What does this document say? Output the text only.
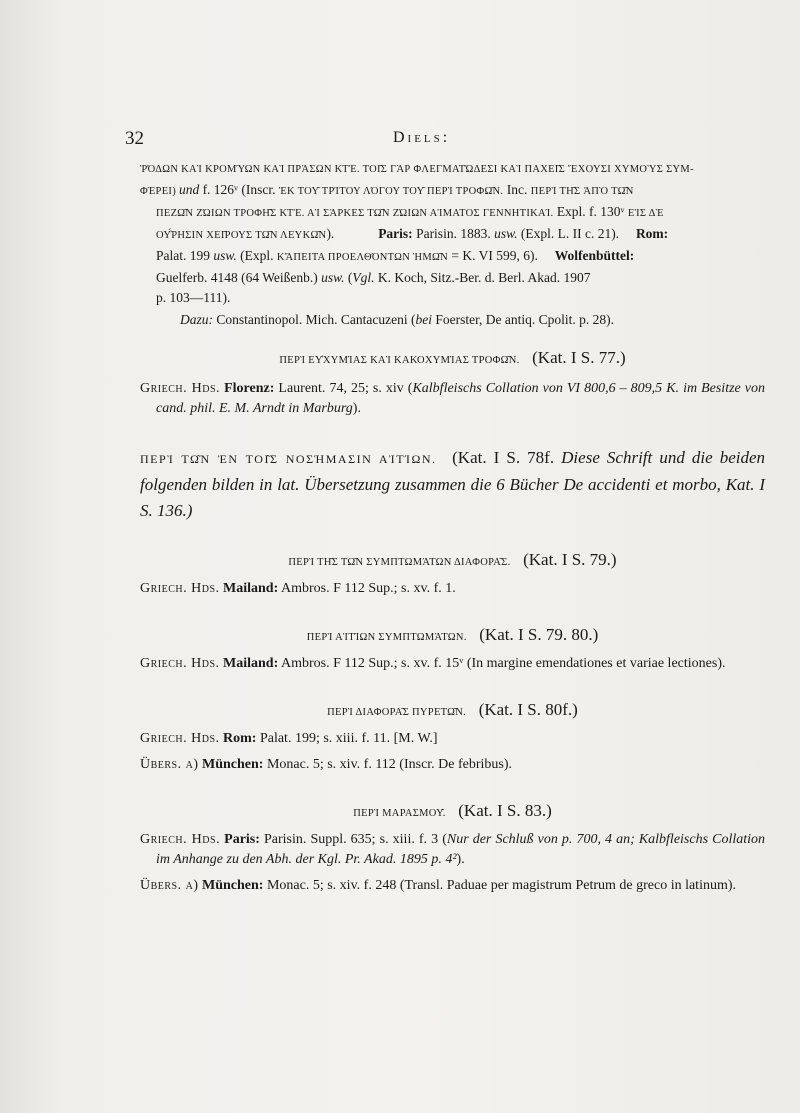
32	Diels:

ῬΌΔΩΝ ΚΑῚ ΚΡΟΜΎΩΝ ΚΑῚ ΠΡΆΣΩΝ ΚΤἙ. ΤΟΙ͂Σ ΓᾺΡ ΦΛΕΓΜΑΤΏΔΕΣΙ ΚΑῚ ΠΑΧΕΙ͂Σ ἜΧΟΥΣΙ ΧΥΜΟῪΣ ΣΥΜ-

ΦΈΡΕΙ) und f. 126ᵛ (Inscr. ἘΚ ΤΟΥ͂ ΤΡΊΤΟΥ ΛΌΓΟΥ ΤΟΥ͂ ΠΕΡῚ ΤΡΟΦΩ͂Ν. Inc. ΠΕΡῚ ΤΗ͂Σ ἈΠῸ ΤΩ͂Ν

ΠΕΖΩ͂Ν ΖΏΙΩΝ ΤΡΟΦΗ͂Σ ΚΤἙ. ΑἹ ΣΆΡΚΕΣ ΤΩ͂Ν ΖΏΙΩΝ ΑἹΜΑΤΟΣ ΓΕΝΝΗΤΙΚΑΊ. Expl. f. 130ᵛ ΕἸΣ ΔῈ

ΟΥ̓́ΡΗΣΙΝ ΧΕΙ͂ΡΟΥΣ ΤΩ͂Ν ΛΕΥΚΩ͂Ν).    	Paris: Parisin. 1883. usw. (Expl. L. II c. 21).   Rom:

Palat. 199 usw. (Expl. ΚἌΠΕΙΤΑ ΠΡΟΕΛΘΌΝΤΩΝ ἩΜΩ͂Ν = K. VI 599, 6).   Wolfenbüttel:

Guelferb. 4148 (64 Weißenb.) usw. (Vgl. K. Koch, Sitz.-Ber. d. Berl. Akad. 1907

p. 103—111).

Dazu: Constantinopol. Mich. Cantacuzeni (bei Foerster, De antiq. Cpolit. p. 28).

ΠΕΡῚ ΕΥ̓ΧΥΜΊΑΣ ΚΑῚ ΚΑΚΟΧΥΜΊΑΣ ΤΡΟΦΩ͂Ν.  (Kat. I S. 77.)

Griech. Hds. Florenz: Laurent. 74, 25; s. xiv (Kalbfleischs Collation von VI 800,6 – 809,5 K. im Besitze von cand. phil. E. M. Arndt in Marburg).

ΠΕΡῚ ΤΩ͂Ν ἘΝ ΤΟΙ͂Σ ΝΟΣΉΜΑΣΙΝ ΑἸΤΊΩΝ.  (Kat. I S. 78f. Diese Schrift und die beiden folgenden bilden in lat. Übersetzung zusammen die 6 Bücher De accidenti et morbo, Kat. I S. 136.)

ΠΕΡῚ ΤΗ͂Σ ΤΩ͂Ν ΣΥΜΠΤΩΜΆΤΩΝ ΔΙΑΦΟΡΑ͂Σ.  (Kat. I S. 79.)

Griech. Hds. Mailand: Ambros. F 112 Sup.; s. xv. f. 1.

ΠΕΡῚ ΑἸΤΊΩΝ ΣΥΜΠΤΩΜΆΤΩΝ.  (Kat. I S. 79. 80.)

Griech. Hds. Mailand: Ambros. F 112 Sup.; s. xv. f. 15ᵛ (In margine emendationes et variae lectiones).

ΠΕΡῚ ΔΙΑΦΟΡΑ͂Σ ΠΥΡΕΤΩ͂Ν.  (Kat. I S. 80f.)

Griech. Hds. Rom: Palat. 199; s. xiii. f. 11. [M. W.]

Übers. a) München: Monac. 5; s. xiv. f. 112 (Inscr. De febribus).

ΠΕΡῚ ΜΑΡΑΣΜΟΥ͂.  (Kat. I S. 83.)

Griech. Hds. Paris: Parisin. Suppl. 635; s. xiii. f. 3 (Nur der Schluß von p. 700, 4 an; Kalbfleischs Collation im Anhange zu den Abh. der Kgl. Pr. Akad. 1895 p. 4²).

Übers. a) München: Monac. 5; s. xiv. f. 248 (Transl. Paduae per magistrum Petrum de greco in latinum).
